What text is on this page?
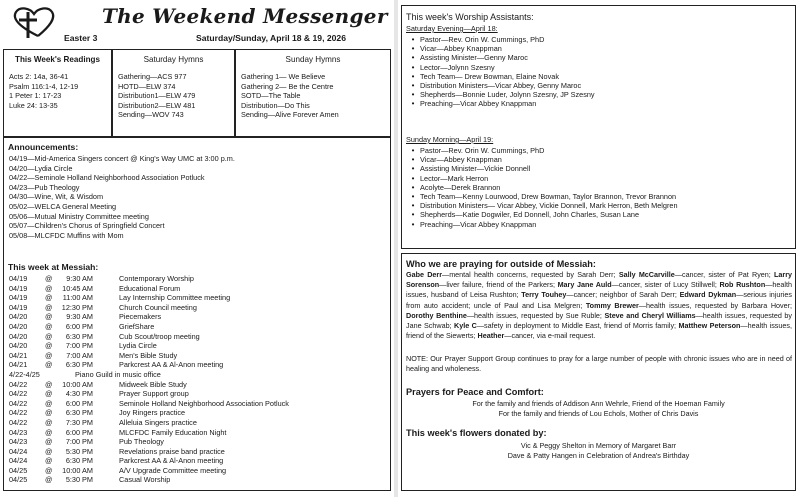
The Weekend Messenger
Easter 3	Saturday/Sunday, April 18 & 19, 2026
This Week's Readings
Acts 2: 14a, 36-41
Psalm 116:1-4, 12-19
1 Peter 1: 17-23
Luke 24: 13-35
Saturday Hymns
Gathering—ACS 977
HOTD—ELW 374
Distribution1—ELW 479
Distribution2—ELW 481
Sending—WOV 743
Sunday Hymns
Gathering 1— We Believe
Gathering 2— Be the Centre
SOTD—The Table
Distribution—Do This
Sending—Alive Forever Amen
Announcements:
04/19—Mid-America Singers concert @ King's Way UMC at 3:00 p.m.
04/20—Lydia Circle
04/22—Seminole Holland Neighborhood Association Potluck
04/23—Pub Theology
04/30—Wine, Wit, & Wisdom
05/02—WELCA General Meeting
05/06—Mutual Ministry Committee meeting
05/07—Children's Chorus of Springfield Concert
05/08—MLCFDC Muffins with Mom
This week at Messiah:
04/19	@	9:30 AM	Contemporary Worship
04/19	@	10:45 AM	Educational Forum
04/19	@	11:00 AM	Lay Internship Committee meeting
04/19	@	12:30 PM	Church Council meeting
04/20	@	9:30 AM	Piecemakers
04/20	@	6:00 PM	GriefShare
04/20	@	6:30 PM	Cub Scout/troop meeting
04/20	@	7:00 PM	Lydia Circle
04/21	@	7:00 AM	Men's Bible Study
04/21	@	6:30 PM	Parkcrest AA & Al-Anon meeting
4/22-4/25	Piano Guild in music office
04/22	@	10:00 AM	Midweek Bible Study
04/22	@	4:30 PM	Prayer Support group
04/22	@	6:00 PM	Seminole Holland Neighborhood Association Potluck
04/22	@	6:30 PM	Joy Ringers practice
04/22	@	7:30 PM	Alleluia Singers practice
04/23	@	6:00 PM	MLCFDC Family Education Night
04/23	@	7:00 PM	Pub Theology
04/24	@	5:30 PM	Revelations praise band practice
04/24	@	6:30 PM	Parkcrest AA & Al-Anon meeting
04/25	@	10:00 AM	A/V Upgrade Committee meeting
04/25	@	5:30 PM	Casual Worship
This week's Worship Assistants:
Saturday Evening—April 18:
• Pastor—Rev. Orin W. Cummings, PhD
• Vicar—Abbey Knappman
• Assisting Minister—Genny Maroc
• Lector—Jolynn Szesny
• Tech Team— Drew Bowman, Elaine Novak
• Distribution Ministers—Vicar Abbey, Genny Maroc
• Shepherds—Bonnie Luder, Jolynn Szesny, JP Szesny
• Preaching—Vicar Abbey Knappman
Sunday Morning—April 19:
• Pastor—Rev. Orin W. Cummings, PhD
• Vicar—Abbey Knappman
• Assisting Minister—Vickie Donnell
• Lector—Mark Herron
• Acolyte—Derek Brannon
• Tech Team—Kenny Lourwood, Drew Bowman, Taylor Brannon, Trevor Brannon
• Distribution Ministers— Vicar Abbey, Vickie Donnell, Mark Herron, Beth Melgren
• Shepherds—Katie Dogwiler, Ed Donnell, John Charles, Susan Lane
• Preaching—Vicar Abbey Knappman
Who we are praying for outside of Messiah:
Gabe Derr—mental health concerns, requested by Sarah Derr; Sally McCarville—cancer, sister of Pat Ryen; Larry Sorenson—liver failure, friend of the Parkers; Mary Jane Auld—cancer, sister of Lucy Stillwell; Rob Rushton—health issues, husband of Leisa Rushton; Terry Touhey—cancer; neighbor of Sarah Derr; Edward Dykman—serious injuries from auto accident; uncle of Paul and Lisa Melgren; Tommy Brewer—health issues, requested by Barbara Hover; Dorothy Benthine—health issues, requested by Sue Ruble; Steve and Cheryl Williams—health issues, requested by Jane Schwab; Kyle C—safety in deployment to Middle East, friend of Morris family; Matthew Peterson—health issues, friend of the Siewerts; Heather—cancer, via e-mail request.
NOTE: Our Prayer Support Group continues to pray for a large number of people with chronic issues who are in need of healing and wholeness.
Prayers for Peace and Comfort:
For the family and friends of Addison Ann Wehrle, Friend of the Hoeman Family
For the family and friends of Lou Echols, Mother of Chris Davis
This week's flowers donated by:
Vic & Peggy Shelton in Memory of Margaret Barr
Dave & Patty Hangen in Celebration of Andrea's Birthday
